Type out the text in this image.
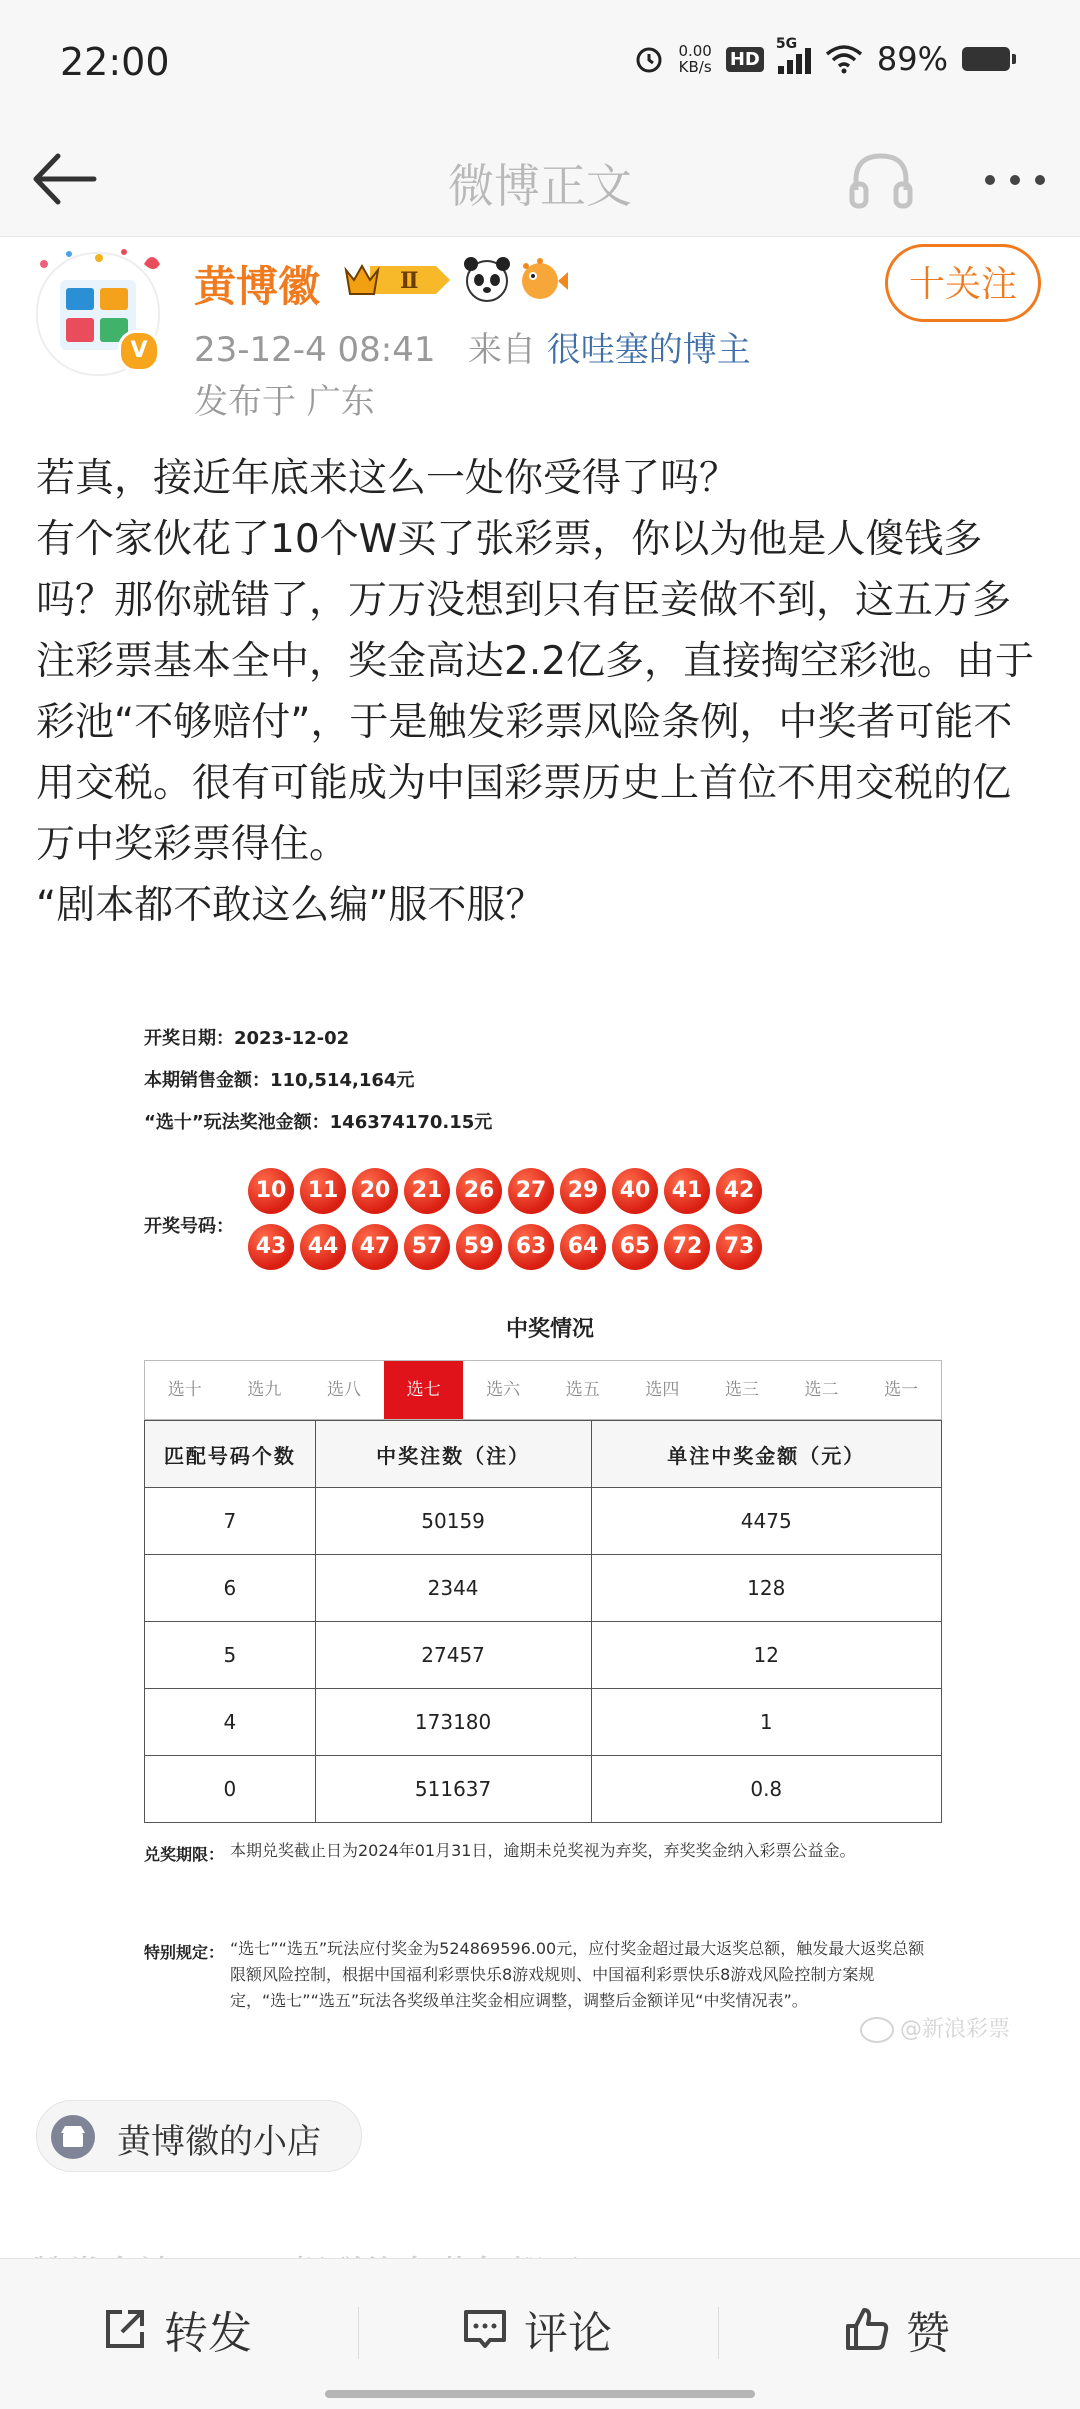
22:00	0.00
KB/s HD
5G 89%
微博正文
V
黄博徽	Ⅱ
23-12-4 08:41 来自 很哇塞的博主
发布于 广东
十关注

若真，接近年底来这么一处你受得了吗？

有个家伙花了10个W买了张彩票，你以为他是人傻钱多吗？那你就错了，万万没想到只有臣妾做不到，这五万多注彩票基本全中，奖金高达2.2亿多，直接掏空彩池。由于彩池“不够赔付”，于是触发彩票风险条例，中奖者可能不用交税。很有可能成为中国彩票历史上首位不用交税的亿万中奖彩票得住。

“剧本都不敢这么编”服不服？

开奖日期：2023-12-02
本期销售金额：110,514,164元
“选十”玩法奖池金额：146374170.15元
开奖号码：
10 11 20 21 26 27 29 40 41 42
43 44 47 57 59 63 64 65 72 73
中奖情况
选十	选九	选八	选七	选六	选五	选四	选三	选二	选一
匹配号码个数	中奖注数（注）	单注中奖金额（元）
7	50159	4475
6	2344	128
5	27457	12
4	173180	1
0	511637	0.8
兑奖期限： 本期兑奖截止日为2024年01月31日，逾期未兑奖视为弃奖，弃奖奖金纳入彩票公益金。
特别规定： “选七”“选五”玩法应付奖金为524869596.00元，应付奖金超过最大返奖总额，触发最大返奖总额限额风险控制，根据中国福利彩票快乐8游戏规则、中国福利彩票快乐8游戏风险控制方案规定，“选七”“选五”玩法各奖级单注奖金相应调整，调整后金额详见“中奖情况表”。
@新浪彩票
黄博徽的小店
转发	评论	赞
